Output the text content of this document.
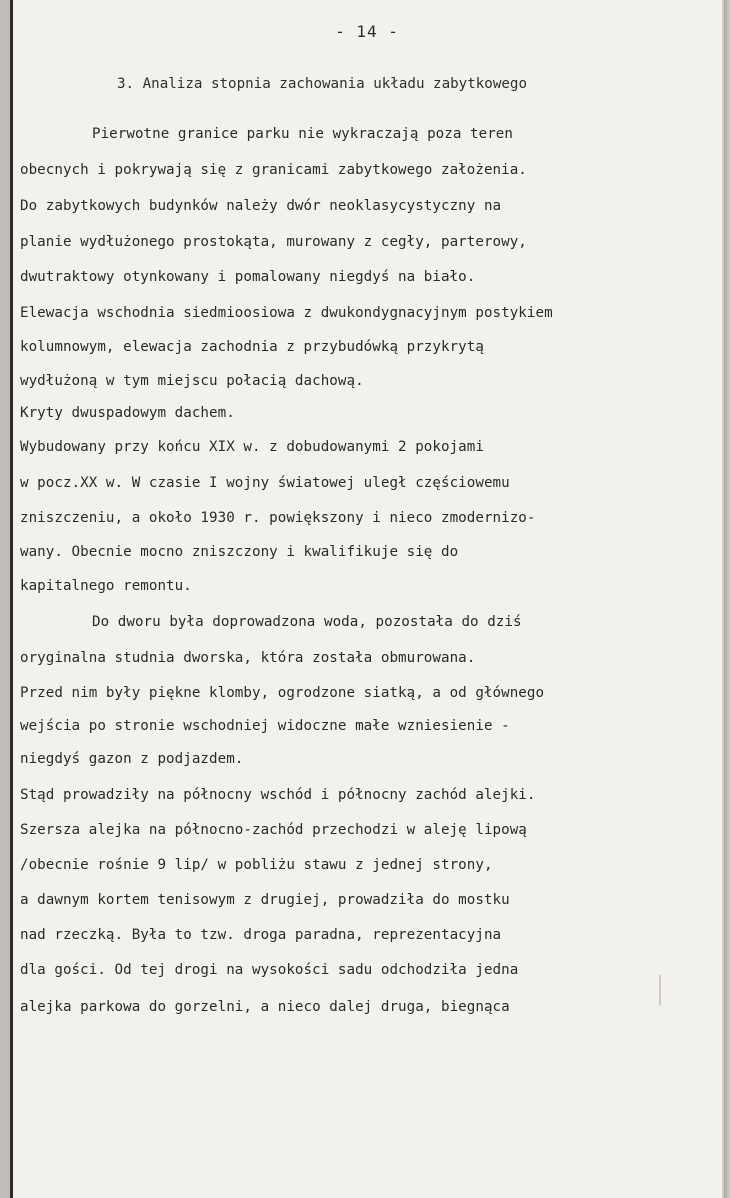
- 14 -
3. Analiza stopnia zachowania układu zabytkowego
Pierwotne granice parku nie wykraczają poza teren
obecnych i pokrywają się z granicami zabytkowego założenia.
Do zabytkowych budynków należy dwór neoklasycystyczny na
planie wydłużonego prostokąta, murowany z cegły, parterowy,
dwutraktowy otynkowany i pomalowany niegdyś na biało.
Elewacja wschodnia siedmioosiowa z dwukondygnacyjnym postykiem
kolumnowym, elewacja zachodnia z przybudówką przykrytą
wydłużoną w tym miejscu połacią dachową.
Kryty dwuspadowym dachem.
Wybudowany przy końcu XIX w. z dobudowanymi 2 pokojami
w pocz.XX w. W czasie I wojny światowej uległ częściowemu
zniszczeniu, a około 1930 r. powiększony i nieco zmodernizo-
wany. Obecnie mocno zniszczony i kwalifikuje się do
kapitalnego remontu.
Do dworu była doprowadzona woda, pozostała do dziś
oryginalna studnia dworska, która została obmurowana.
Przed nim były piękne klomby, ogrodzone siatką, a od głównego
wejścia po stronie wschodniej widoczne małe wzniesienie -
niegdyś gazon z podjazdem.
Stąd prowadziły na północny wschód i północny zachód alejki.
Szersza alejka na północno-zachód przechodzi w aleję lipową
/obecnie rośnie 9 lip/ w pobliżu stawu z jednej strony,
a dawnym kortem tenisowym z drugiej, prowadziła do mostku
nad rzeczką. Była to tzw. droga paradna, reprezentacyjna
dla gości. Od tej drogi na wysokości sadu odchodziła jedna
alejka parkowa do gorzelni, a nieco dalej druga, biegnąca
